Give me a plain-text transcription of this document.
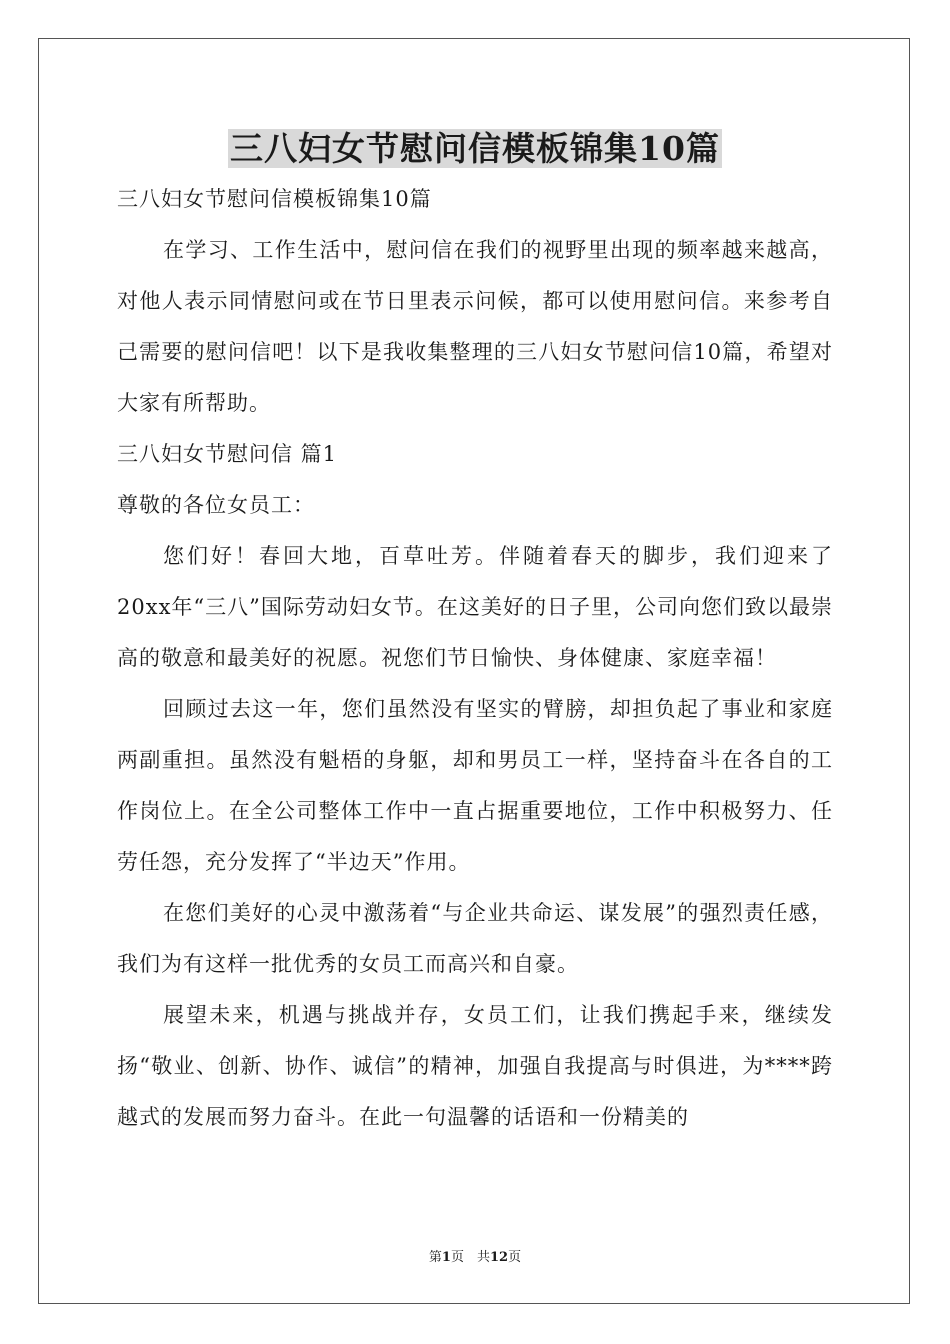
三八妇女节慰问信模板锦集10篇

三八妇女节慰问信模板锦集10篇

在学习、工作生活中，慰问信在我们的视野里出现的频率越来越高，对他人表示同情慰问或在节日里表示问候，都可以使用慰问信。来参考自己需要的慰问信吧！以下是我收集整理的三八妇女节慰问信10篇，希望对大家有所帮助。

三八妇女节慰问信 篇1

尊敬的各位女员工：

您们好！春回大地，百草吐芳。伴随着春天的脚步，我们迎来了20xx年“三八”国际劳动妇女节。在这美好的日子里，公司向您们致以最崇高的敬意和最美好的祝愿。祝您们节日愉快、身体健康、家庭幸福！

回顾过去这一年，您们虽然没有坚实的臂膀，却担负起了事业和家庭两副重担。虽然没有魁梧的身躯，却和男员工一样，坚持奋斗在各自的工作岗位上。在全公司整体工作中一直占据重要地位，工作中积极努力、任劳任怨，充分发挥了“半边天”作用。

在您们美好的心灵中激荡着“与企业共命运、谋发展”的强烈责任感，我们为有这样一批优秀的女员工而高兴和自豪。

展望未来，机遇与挑战并存，女员工们，让我们携起手来，继续发扬“敬业、创新、协作、诚信”的精神，加强自我提高与时俱进，为****跨越式的发展而努力奋斗。在此一句温馨的话语和一份精美的

第1页　共12页
